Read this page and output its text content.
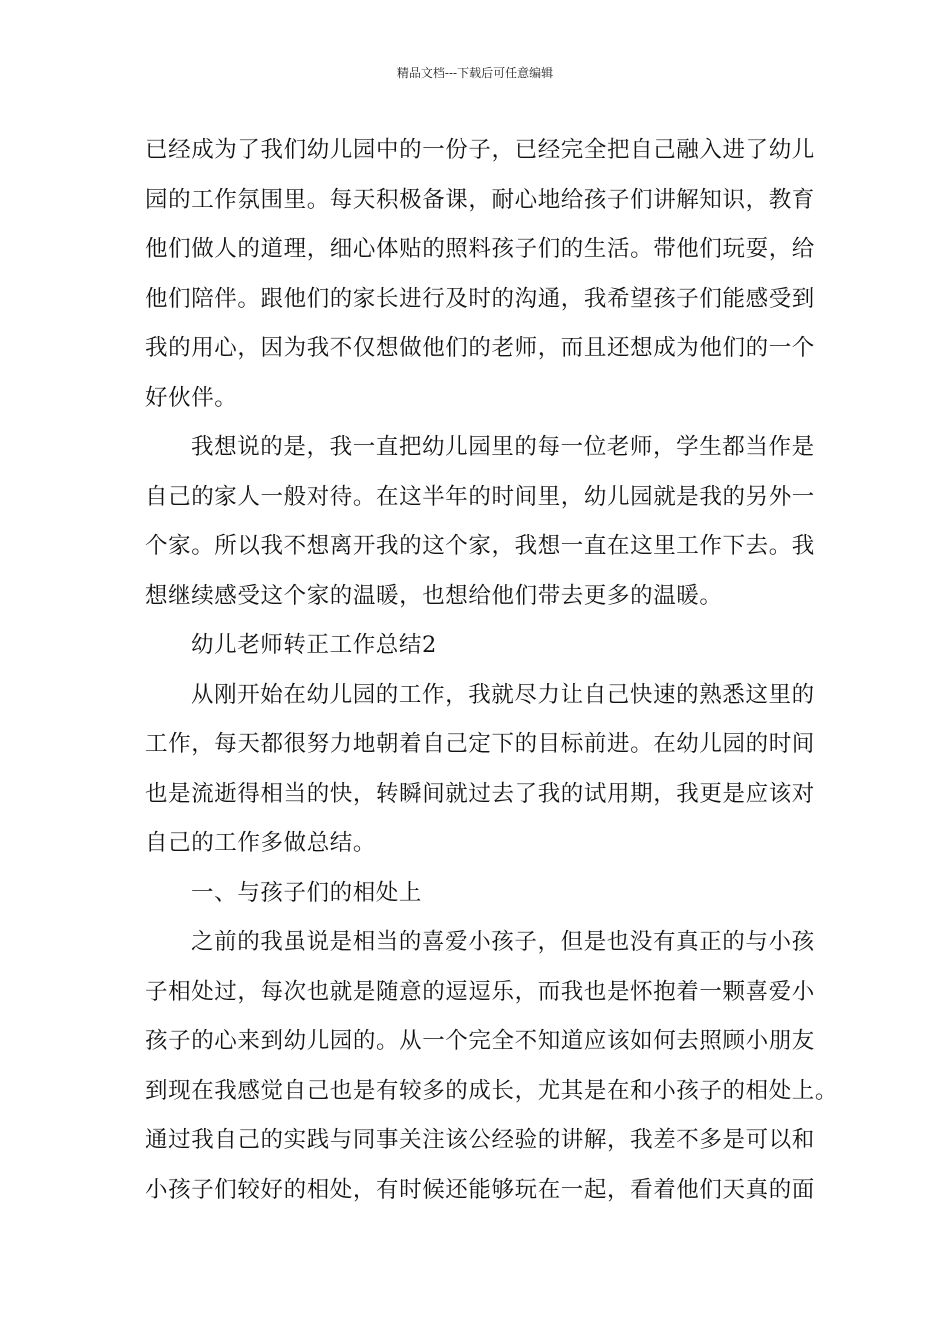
精品文档---下载后可任意编辑
已经成为了我们幼儿园中的一份子，已经完全把自己融入进了幼儿
园的工作氛围里。每天积极备课，耐心地给孩子们讲解知识，教育
他们做人的道理，细心体贴的照料孩子们的生活。带他们玩耍，给
他们陪伴。跟他们的家长进行及时的沟通，我希望孩子们能感受到
我的用心，因为我不仅想做他们的老师，而且还想成为他们的一个
好伙伴。
我想说的是，我一直把幼儿园里的每一位老师，学生都当作是
自己的家人一般对待。在这半年的时间里，幼儿园就是我的另外一
个家。所以我不想离开我的这个家，我想一直在这里工作下去。我
想继续感受这个家的温暖，也想给他们带去更多的温暖。
幼儿老师转正工作总结2
从刚开始在幼儿园的工作，我就尽力让自己快速的熟悉这里的
工作，每天都很努力地朝着自己定下的目标前进。在幼儿园的时间
也是流逝得相当的快，转瞬间就过去了我的试用期，我更是应该对
自己的工作多做总结。
一、与孩子们的相处上
之前的我虽说是相当的喜爱小孩子，但是也没有真正的与小孩
子相处过，每次也就是随意的逗逗乐，而我也是怀抱着一颗喜爱小
孩子的心来到幼儿园的。从一个完全不知道应该如何去照顾小朋友
到现在我感觉自己也是有较多的成长，尤其是在和小孩子的相处上。
通过我自己的实践与同事关注该公经验的讲解，我差不多是可以和
小孩子们较好的相处，有时候还能够玩在一起，看着他们天真的面
